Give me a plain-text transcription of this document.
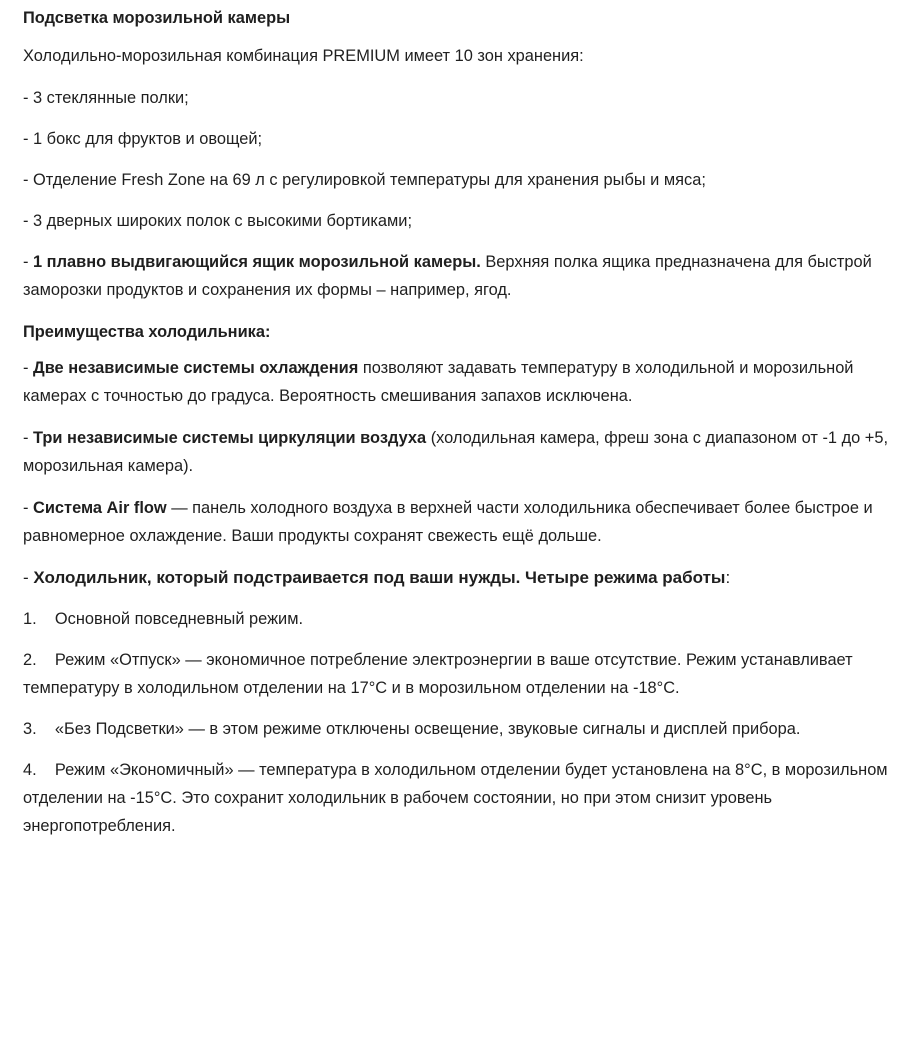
Подсветка морозильной камеры
Холодильно-морозильная комбинация PREMIUM имеет 10 зон хранения:
- 3 стеклянные полки;
- 1 бокс для фруктов и овощей;
- Отделение Fresh Zone на 69 л с регулировкой температуры для хранения рыбы и мяса;
- 3 дверных широких полок с высокими бортиками;
- 1 плавно выдвигающийся ящик морозильной камеры. Верхняя полка ящика предназначена для быстрой заморозки продуктов и сохранения их формы – например, ягод.
Преимущества холодильника:
- Две независимые системы охлаждения позволяют задавать температуру в холодильной и морозильной камерах с точностью до градуса. Вероятность смешивания запахов исключена.
- Три независимые системы циркуляции воздуха (холодильная камера, фреш зона с диапазоном от -1 до +5, морозильная камера).
- Система Air flow — панель холодного воздуха в верхней части холодильника обеспечивает более быстрое и равномерное охлаждение. Ваши продукты сохранят свежесть ещё дольше.
- Холодильник, который подстраивается под ваши нужды. Четыре режима работы:
1.    Основной повседневный режим.
2.    Режим «Отпуск» — экономичное потребление электроэнергии в ваше отсутствие. Режим устанавливает температуру в холодильном отделении на 17°С и в морозильном отделении на -18°С.
3.    «Без Подсветки» — в этом режиме отключены освещение, звуковые сигналы и дисплей прибора.
4.    Режим «Экономичный» — температура в холодильном отделении будет установлена на 8°С, в морозильном отделении на -15°С. Это сохранит холодильник в рабочем состоянии, но при этом снизит уровень энергопотребления.
